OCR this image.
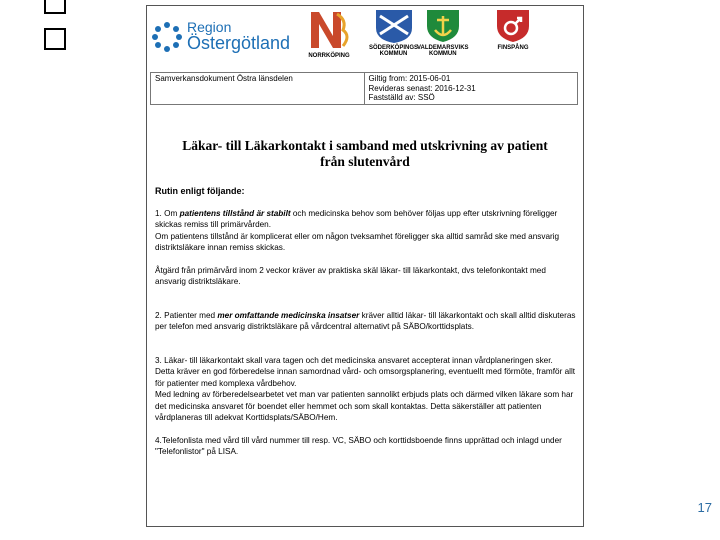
17
Region
Östergötland
NORRKÖPING
SÖDERKÖPINGS
KOMMUN
VALDEMARSVIKS
KOMMUN
FINSPÅNG
Samverkansdokument Östra länsdelen	Giltig from: 2015-06-01
Revideras senast: 2016-12-31
Fastställd av: SSÖ
Läkar- till Läkarkontakt i samband med utskrivning av patient
från slutenvård

Rutin enligt följande:

1. Om patientens tillstånd är stabilt och medicinska behov som behöver följas upp efter utskrivning föreligger skickas remiss till primärvården.

Om patientens tillstånd är komplicerat eller om någon tveksamhet föreligger ska alltid samråd ske med ansvarig distriktsläkare innan remiss skickas.

Åtgärd från primärvård inom 2 veckor kräver av praktiska skäl läkar- till läkarkontakt, dvs telefonkontakt med ansvarig distriktsläkare.

2. Patienter med mer omfattande medicinska insatser kräver alltid läkar- till läkarkontakt och skall alltid diskuteras per telefon med ansvarig distriktsläkare på vårdcentral alternativt på SÄBO/korttidsplats.

3. Läkar- till läkarkontakt skall vara tagen och det medicinska ansvaret accepterat innan vårdplaneringen sker.

Detta kräver en god förberedelse innan samordnad vård- och omsorgsplanering, eventuellt med förmöte, framför allt för patienter med komplexa vårdbehov.

Med ledning av förberedelsearbetet vet man var patienten sannolikt erbjuds plats och därmed vilken läkare som har det medicinska ansvaret för boendet eller hemmet och som skall kontaktas. Detta säkerställer att patienten vårdplaneras till adekvat Korttidsplats/SÄBO/Hem.

4.Telefonlista med vård till vård nummer till resp. VC, SÄBO och korttidsboende finns upprättad och inlagd under "Telefonlistor" på LISA.
